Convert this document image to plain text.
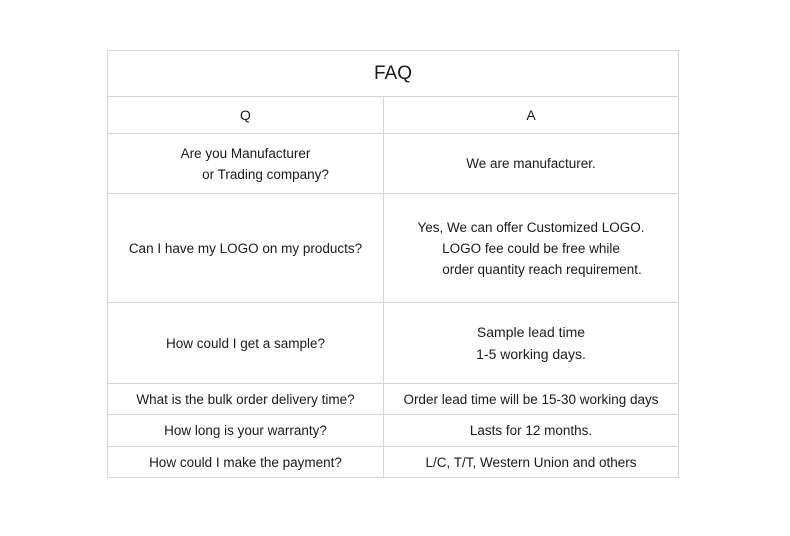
FAQ	
Q	A

Are you Manufacturer
or Trading company?	We are manufacturer.

Can I have my LOGO on my products?	Yes, We can offer Customized LOGO.
LOGO fee could be free while
order quantity reach requirement.

How could I get a sample?	Sample lead time
1-5 working days.

What is the bulk order delivery time?	Order lead time will be 15-30 working days

How long is your warranty?	Lasts for 12 months.

How could I make the payment?	L/C, T/T, Western Union and others
